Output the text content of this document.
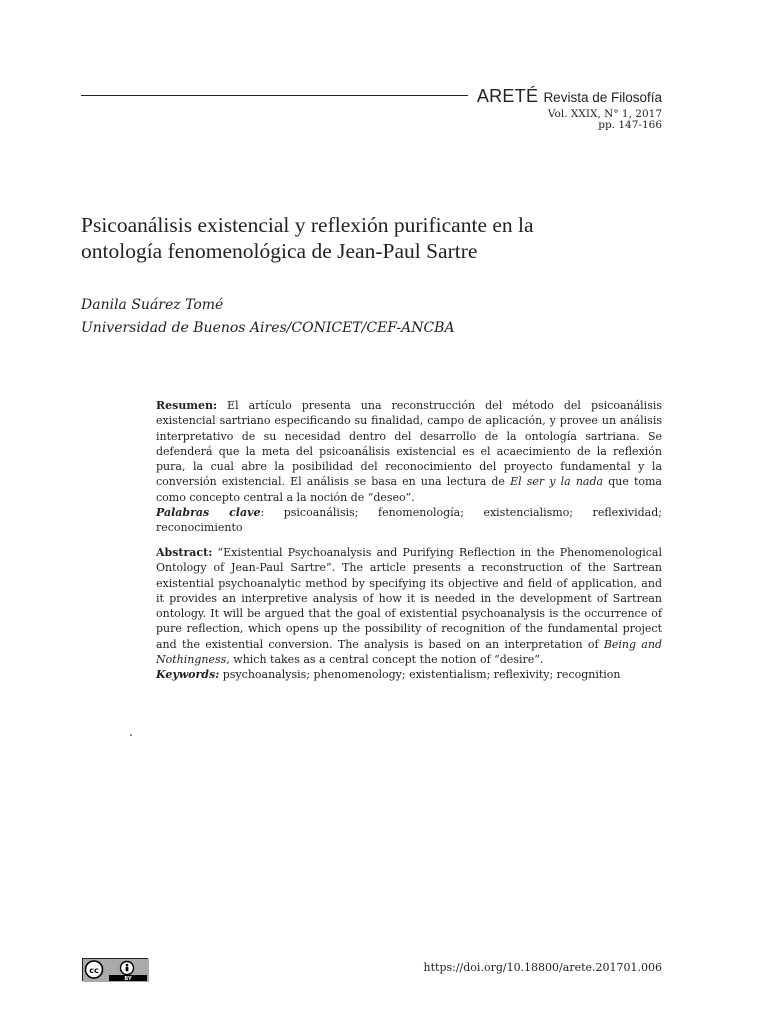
ARETÉ Revista de Filosofía
Vol. XXIX, N° 1, 2017
pp. 147-166
Psicoanálisis existencial y reflexión purificante en la
ontología fenomenológica de Jean-Paul Sartre
Danila Suárez Tomé
Universidad de Buenos Aires/CONICET/CEF-ANCBA

Resumen: El artículo presenta una reconstrucción del método del psicoanálisis existencial sartriano especificando su finalidad, campo de aplicación, y provee un análisis interpretativo de su necesidad dentro del desarrollo de la ontología sartriana. Se defenderá que la meta del psicoanálisis existencial es el acaecimiento de la reflexión pura, la cual abre la posibilidad del reconocimiento del proyecto fundamental y la conversión existencial. El análisis se basa en una lectura de El ser y la nada que toma como concepto central a la noción de “deseo”.

Palabras clave: psicoanálisis; fenomenología; existencialismo; reflexividad; reconocimiento

Abstract: “Existential Psychoanalysis and Purifying Reflection in the Phenomenological Ontology of Jean-Paul Sartre”. The article presents a reconstruction of the Sartrean existential psychoanalytic method by specifying its objective and field of application, and it provides an interpretive analysis of how it is needed in the development of Sartrean ontology. It will be argued that the goal of existential psychoanalysis is the occurrence of pure reflection, which opens up the possibility of recognition of the fundamental project and the existential conversion. The analysis is based on an interpretation of Being and Nothingness, which takes as a central concept the notion of “desire”.

Keywords: psychoanalysis; phenomenology; existentialism; reflexivity; recognition

.
cc
BY
https://doi.org/10.18800/arete.201701.006
